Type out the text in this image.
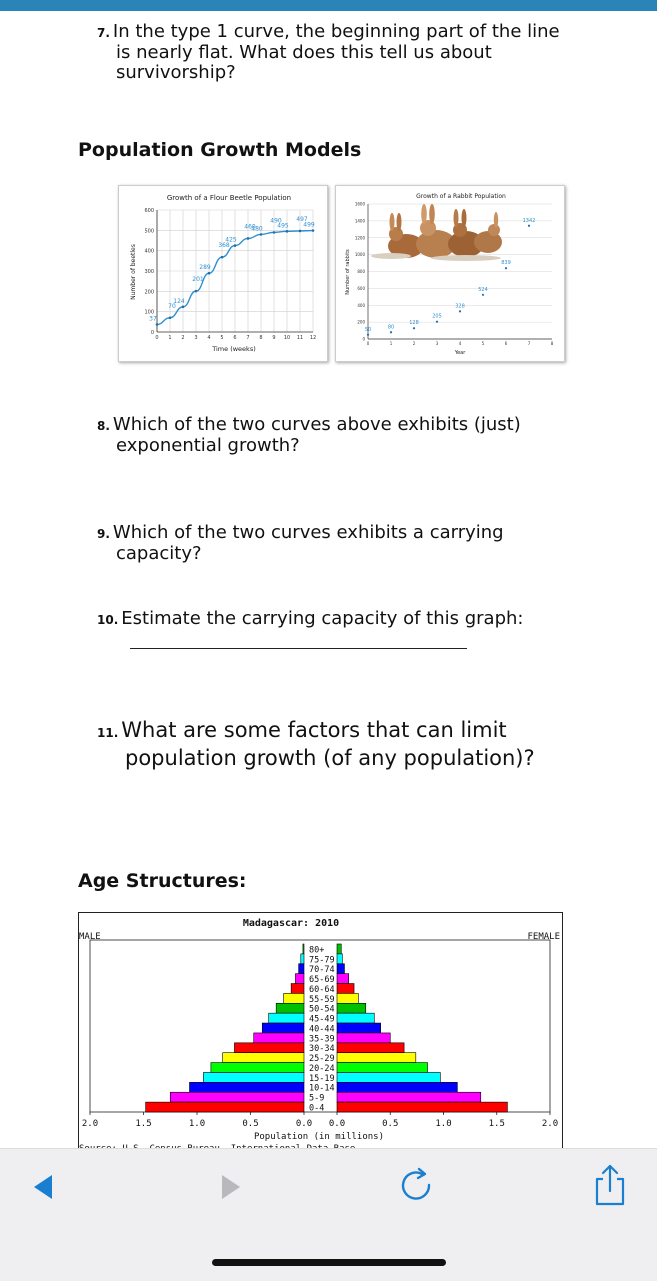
7. In the type 1 curve, the beginning part of the line
is nearly flat. What does this tell us about
survivorship?
Population Growth Models
Growth of a Flour Beetle Population
Time (weeks)
Number of beetles
0
100
200
300
400
500
600
0 1 2 3 4 5 6 7 8 9 10 11 12
37
70
124
201
289
368
425
460
480
490
495
497
499
Growth of a Rabbit Population
Year
Number of rabbits
0
200
400
600
800
1000
1200
1400
1600
0	1	2	3	4	5	6	7	8
50	80
128
205
328
524
839
1342
8. Which of the two curves above exhibits (just)
exponential growth?
9. Which of the two curves exhibits a carrying
capacity?
10. Estimate the carrying capacity of this graph:
11. What are some factors that can limit
population growth (of any population)?
Age Structures:
Madagascar: 2010
MALE	FEMALE
Population (in millions)
2.0	1.5	1.0	0.5	0.0 0.0	0.5	1.0	1.5	2.0
80+
75-79
70-74
65-69
60-64
55-59
50-54
45-49
40-44
35-39
30-34
25-29
20-24
15-19
10-14
5-9
0-4
